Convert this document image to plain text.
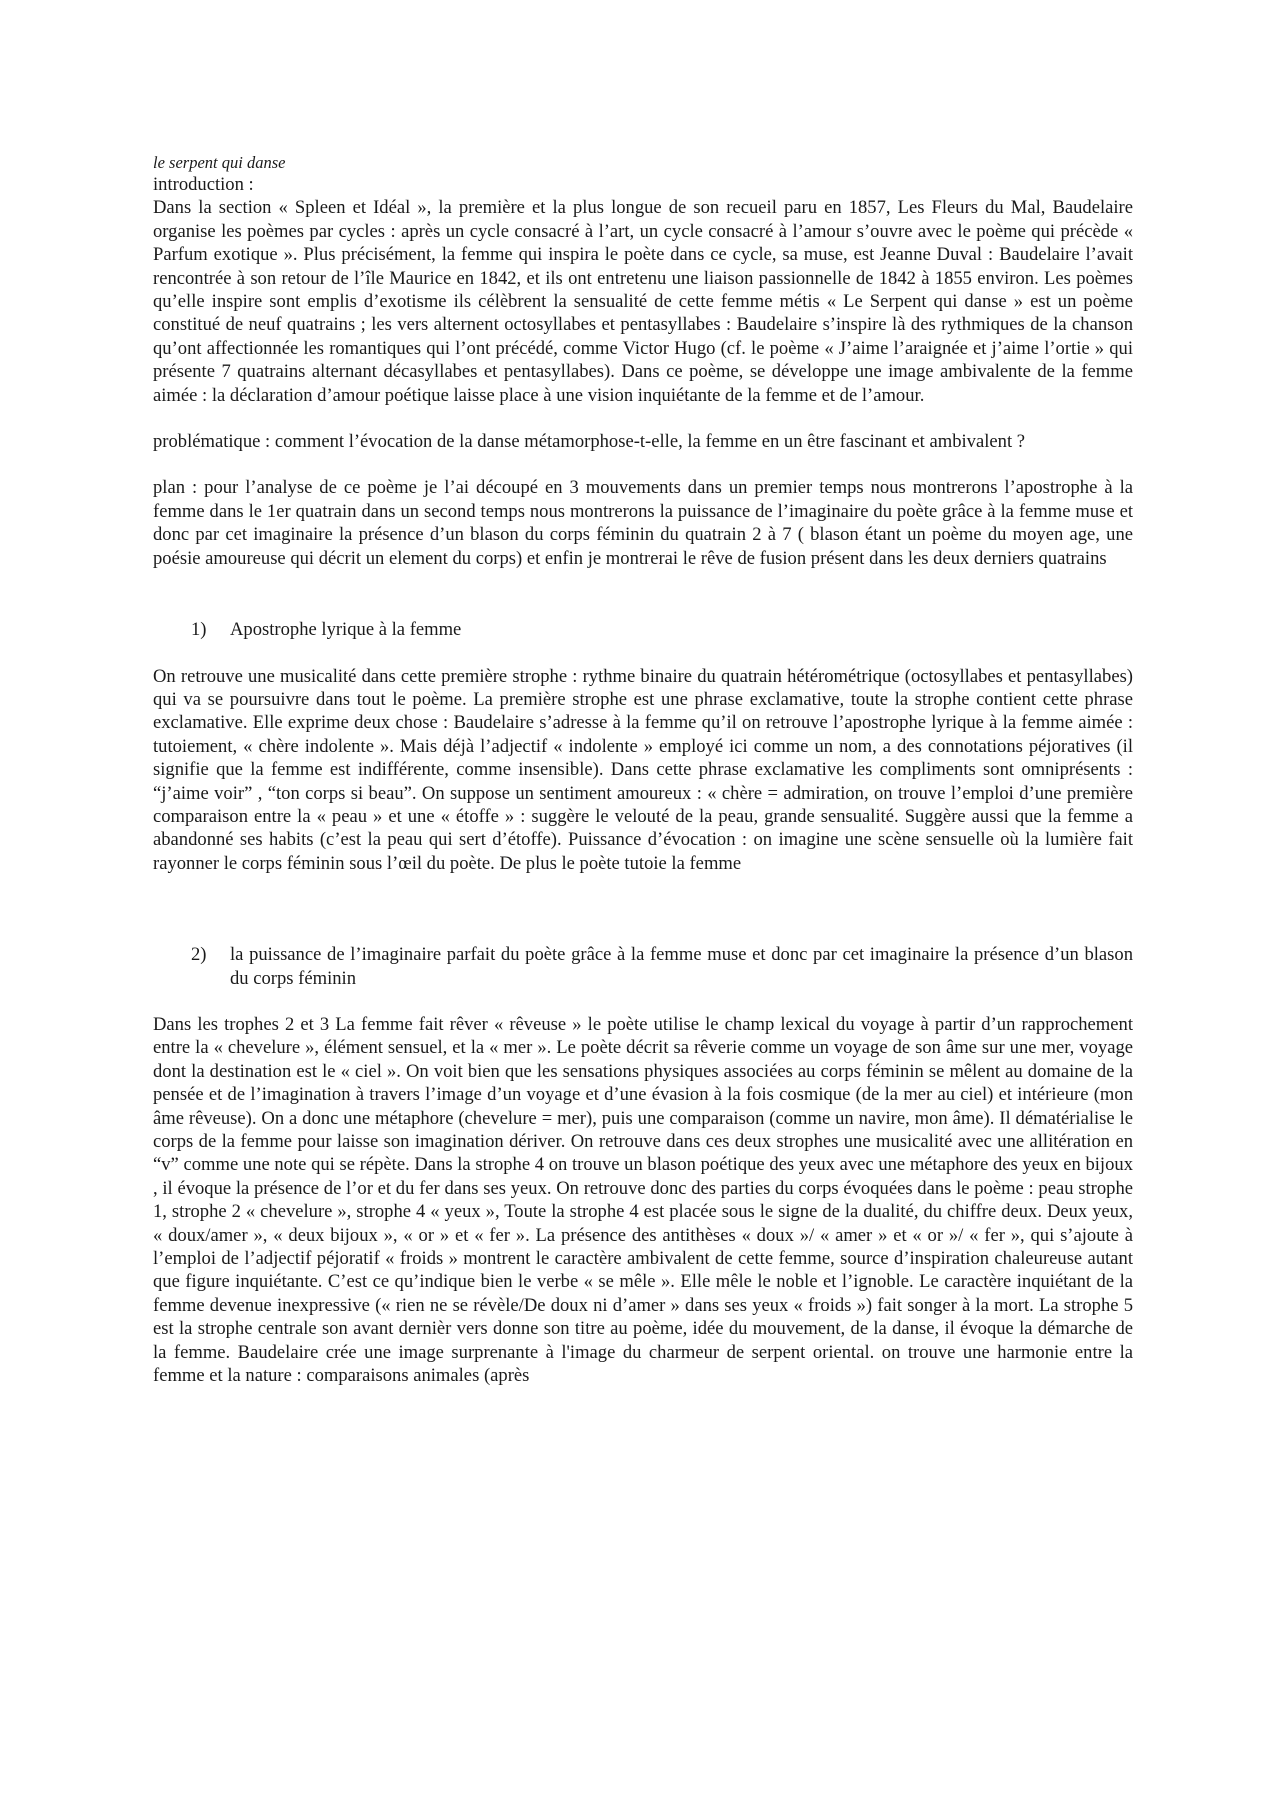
le serpent qui danse
introduction :

Dans la section « Spleen et Idéal », la première et la plus longue de son recueil paru en 1857, Les Fleurs du Mal, Baudelaire organise les poèmes par cycles : après un cycle consacré à l’art, un cycle consacré à l’amour s’ouvre avec le poème qui précède « Parfum exotique ». Plus précisément, la femme qui inspira le poète dans ce cycle, sa muse, est Jeanne Duval : Baudelaire l’avait rencontrée à son retour de l’île Maurice en 1842, et ils ont entretenu une liaison passionnelle de 1842 à 1855 environ. Les poèmes qu’elle inspire sont emplis d’exotisme ils célèbrent la sensualité de cette femme métis « Le Serpent qui danse » est un poème constitué de neuf quatrains ; les vers alternent octosyllabes et pentasyllabes : Baudelaire s’inspire là des rythmiques de la chanson qu’ont affectionnée les romantiques qui l’ont précédé, comme Victor Hugo (cf. le poème « J’aime l’araignée et j’aime l’ortie » qui présente 7 quatrains alternant décasyllabes et pentasyllabes). Dans ce poème, se développe une image ambivalente de la femme aimée : la déclaration d’amour poétique laisse place à une vision inquiétante de la femme et de l’amour.

problématique : comment l’évocation de la danse métamorphose-t-elle, la femme en un être fascinant et ambivalent ?

plan : pour l’analyse de ce poème je l’ai découpé en 3 mouvements dans un premier temps nous montrerons l’apostrophe à la femme dans le 1er quatrain dans un second temps nous montrerons la puissance de l’imaginaire du poète grâce à la femme muse et donc par cet imaginaire la présence d’un blason du corps féminin du quatrain 2 à 7 ( blason étant un poème du moyen age, une poésie amoureuse qui décrit un element du corps) et enfin je montrerai le rêve de fusion présent dans les deux derniers quatrains

1)	Apostrophe lyrique à la femme

On retrouve une musicalité dans cette première strophe : rythme binaire du quatrain hétérométrique (octosyllabes et pentasyllabes) qui va se poursuivre dans tout le poème. La première strophe est une phrase exclamative, toute la strophe contient cette phrase exclamative. Elle exprime deux chose : Baudelaire s’adresse à la femme qu’il on retrouve l’apostrophe lyrique à la femme aimée : tutoiement, « chère indolente ». Mais déjà l’adjectif « indolente » employé ici comme un nom, a des connotations péjoratives (il signifie que la femme est indifférente, comme insensible). Dans cette phrase exclamative les compliments sont omniprésents : “j’aime voir” , “ton corps si beau”. On suppose un sentiment amoureux : « chère = admiration, on trouve l’emploi d’une première comparaison entre la « peau » et une « étoffe » : suggère le velouté de la peau, grande sensualité. Suggère aussi que la femme a abandonné ses habits (c’est la peau qui sert d’étoffe). Puissance d’évocation : on imagine une scène sensuelle où la lumière fait rayonner le corps féminin sous l’œil du poète. De plus le poète tutoie la femme

2)	la puissance de l’imaginaire parfait du poète grâce à la femme muse et donc par cet imaginaire la présence d’un blason du corps féminin

Dans les trophes 2 et 3 La femme fait rêver « rêveuse » le poète utilise le champ lexical du voyage à partir d’un rapprochement entre la « chevelure », élément sensuel, et la « mer ». Le poète décrit sa rêverie comme un voyage de son âme sur une mer, voyage dont la destination est le « ciel ». On voit bien que les sensations physiques associées au corps féminin se mêlent au domaine de la pensée et de l’imagination à travers l’image d’un voyage et d’une évasion à la fois cosmique (de la mer au ciel) et intérieure (mon âme rêveuse). On a donc une métaphore (chevelure = mer), puis une comparaison (comme un navire, mon âme). Il dématérialise le corps de la femme pour laisse son imagination dériver. On retrouve dans ces deux strophes une musicalité avec une allitération en “v” comme une note qui se répète. Dans la strophe 4 on trouve un blason poétique des yeux avec une métaphore des yeux en bijoux , il évoque la présence de l’or et du fer dans ses yeux. On retrouve donc des parties du corps évoquées dans le poème : peau strophe 1, strophe 2 « chevelure », strophe 4 « yeux », Toute la strophe 4 est placée sous le signe de la dualité, du chiffre deux. Deux yeux, « doux/amer », « deux bijoux », « or » et « fer ». La présence des antithèses « doux »/ « amer » et « or »/ « fer », qui s’ajoute à l’emploi de l’adjectif péjoratif « froids » montrent le caractère ambivalent de cette femme, source d’inspiration chaleureuse autant que figure inquiétante. C’est ce qu’indique bien le verbe « se mêle ». Elle mêle le noble et l’ignoble. Le caractère inquiétant de la femme devenue inexpressive (« rien ne se révèle/De doux ni d’amer » dans ses yeux « froids ») fait songer à la mort. La strophe 5 est la strophe centrale son avant dernièr vers donne son titre au poème, idée du mouvement, de la danse, il évoque la démarche de la femme. Baudelaire crée une image surprenante à l'image du charmeur de serpent oriental. on trouve une harmonie entre la femme et la nature : comparaisons animales (après
